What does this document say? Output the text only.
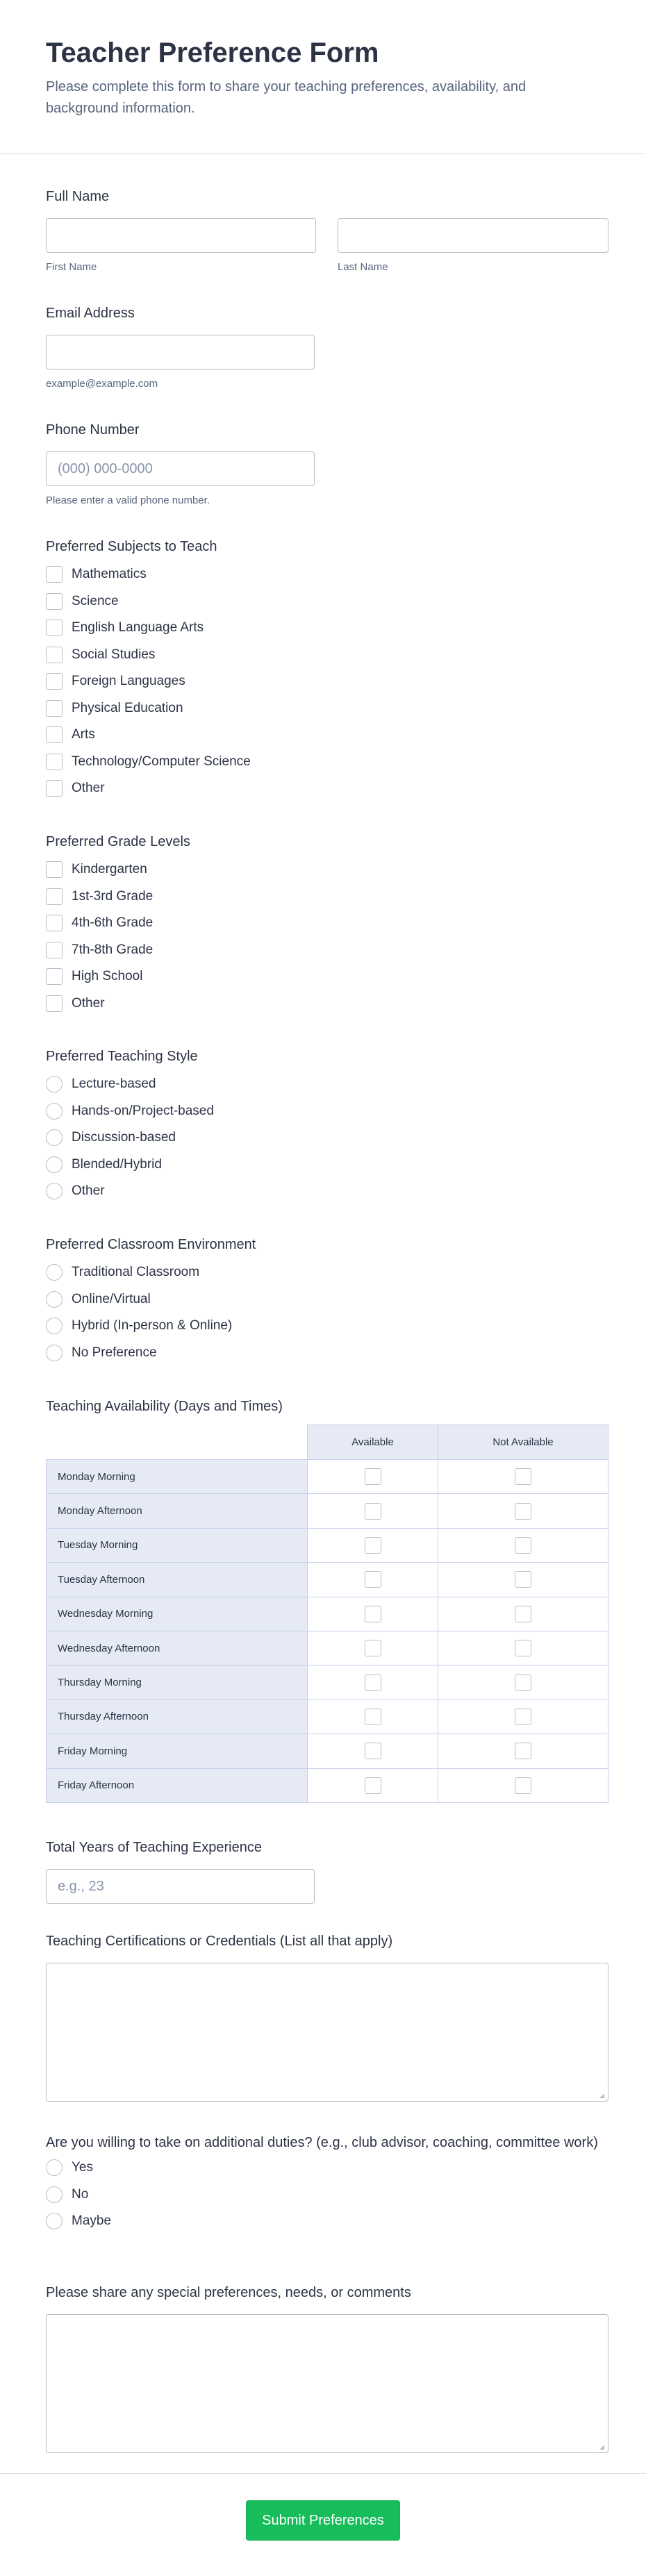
Teacher Preference Form

Please complete this form to share your teaching preferences, availability, and background information.

Full Name
First Name	Last Name
Email Address
example@example.com
Phone Number
(000) 000-0000
Please enter a valid phone number.
Preferred Subjects to Teach
Mathematics
Science
English Language Arts
Social Studies
Foreign Languages
Physical Education
Arts
Technology/Computer Science
Other
Preferred Grade Levels
Kindergarten
1st-3rd Grade
4th-6th Grade
7th-8th Grade
High School
Other
Preferred Teaching Style
Lecture-based
Hands-on/Project-based
Discussion-based
Blended/Hybrid
Other
Preferred Classroom Environment
Traditional Classroom
Online/Virtual
Hybrid (In-person & Online)
No Preference
Teaching Availability (Days and Times)
	Available	Not Available
Monday Morning		
Monday Afternoon		
Tuesday Morning		
Tuesday Afternoon		
Wednesday Morning		
Wednesday Afternoon		
Thursday Morning		
Thursday Afternoon		
Friday Morning		
Friday Afternoon		
Total Years of Teaching Experience
e.g., 23
Teaching Certifications or Credentials (List all that apply)
◢
Are you willing to take on additional duties? (e.g., club advisor, coaching, committee work)
Yes
No
Maybe
Please share any special preferences, needs, or comments
◢
Submit Preferences
